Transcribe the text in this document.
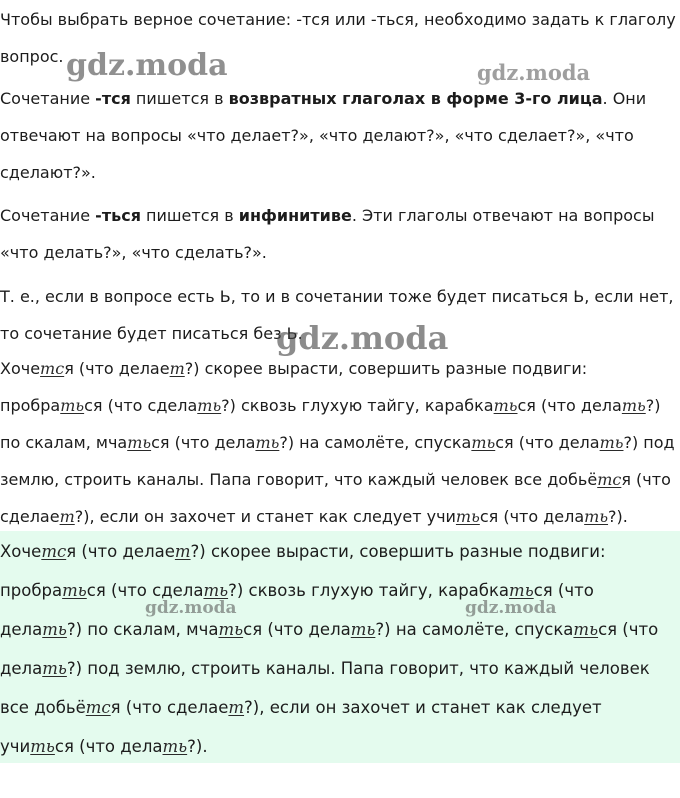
Чтобы выбрать верное сочетание: -тся или -ться, необходимо задать к глаголу вопрос.

Сочетание -тся пишется в возвратных глаголах в форме 3-го лица. Они отвечают на вопросы «что делает?», «что делают?», «что сделает?», «что сделают?».

Сочетание -ться пишется в инфинитиве. Эти глаголы отвечают на вопросы «что делать?», «что сделать?».

Т. е., если в вопросе есть Ь, то и в сочетании тоже будет писаться Ь, если нет, то сочетание будет писаться без Ь.

Хочется (что делает?) скорее вырасти, совершить разные подвиги: пробраться (что сделать?) сквозь глухую тайгу, карабкаться (что делать?) по скалам, мчаться (что делать?) на самолёте, спускаться (что делать?) под землю, строить каналы. Папа говорит, что каждый человек все добьётся (что сделает?), если он захочет и станет как следует учиться (что делать?).

Хочется (что делает?) скорее вырасти, совершить разные подвиги: пробраться (что сделать?) сквозь глухую тайгу, карабкаться (что делать?) по скалам, мчаться (что делать?) на самолёте, спускаться (что делать?) под землю, строить каналы. Папа говорит, что каждый человек все добьётся (что сделает?), если он захочет и станет как следует учиться (что делать?).

gdz.moda	gdz.moda
gdz.moda
gdz.moda	gdz.moda
